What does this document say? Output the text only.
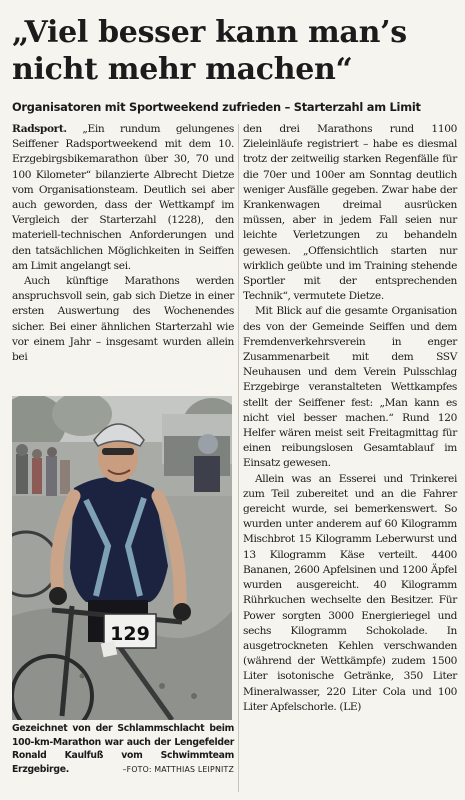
„Viel besser kann man’s nicht mehr machen“
Organisatoren mit Sportweekend zufrieden – Starterzahl am Limit

Radsport. „Ein rundum gelungenes Seiffener Radsportweekend mit dem 10. Erzgebirgsbikemarathon über 30, 70 und 100 Kilometer“ bilanzierte Albrecht Dietze vom Organisationsteam. Deutlich sei aber auch geworden, dass der Wettkampf im Vergleich der Starterzahl (1228), den materiell-technischen Anforderungen und den tatsächlichen Möglichkeiten in Seiffen am Limit angelangt sei.

Auch künftige Marathons werden anspruchsvoll sein, gab sich Dietze in einer ersten Auswertung des Wochenendes sicher. Bei einer ähnlichen Starterzahl wie vor einem Jahr – insgesamt wurden allein bei

den drei Marathons rund 1100 Zieleinläufe registriert – habe es diesmal trotz der zeitweilig starken Regenfälle für die 70er und 100er am Sonntag deutlich weniger Ausfälle gegeben. Zwar habe der Krankenwagen dreimal ausrücken müssen, aber in jedem Fall seien nur leichte Verletzungen zu behandeln gewesen. „Offensichtlich starten nur wirklich geübte und im Training stehende Sportler mit der entsprechenden Technik“, vermutete Dietze.

Mit Blick auf die gesamte Organisation des von der Gemeinde Seiffen und dem Fremdenverkehrsverein in enger Zusammenarbeit mit dem SSV Neuhausen und dem Verein Pulsschlag Erzgebirge veranstalteten Wettkampfes stellt der Seiffener fest: „Man kann es nicht viel besser machen.“ Rund 120 Helfer wären meist seit Freitagmittag für einen reibungslosen Gesamtablauf im Einsatz gewesen.

Allein was an Esserei und Trinkerei zum Teil zubereitet und an die Fahrer gereicht wurde, sei bemerkenswert. So wurden unter anderem auf 60 Kilogramm Mischbrot 15 Kilogramm Leberwurst und 13 Kilogramm Käse verteilt. 4400 Bananen, 2600 Apfelsinen und 1200 Äpfel wurden ausgereicht. 40 Kilogramm Rührkuchen wechselte den Besitzer. Für Power sorgten 3000 Energieriegel und sechs Kilogramm Schokolade. In ausgetrockneten Kehlen verschwanden (während der Wettkämpfe) zudem 1500 Liter isotonische Getränke, 350 Liter Mineralwasser, 220 Liter Cola und 100 Liter Apfelschorle. (LE)

129
Gezeichnet von der Schlammschlacht beim 100-km-Marathon war auch der Lengefelder Ronald Kaulfuß vom Schwimmteam Erzgebirge.	–FOTO: MATTHIAS LEIPNITZ
